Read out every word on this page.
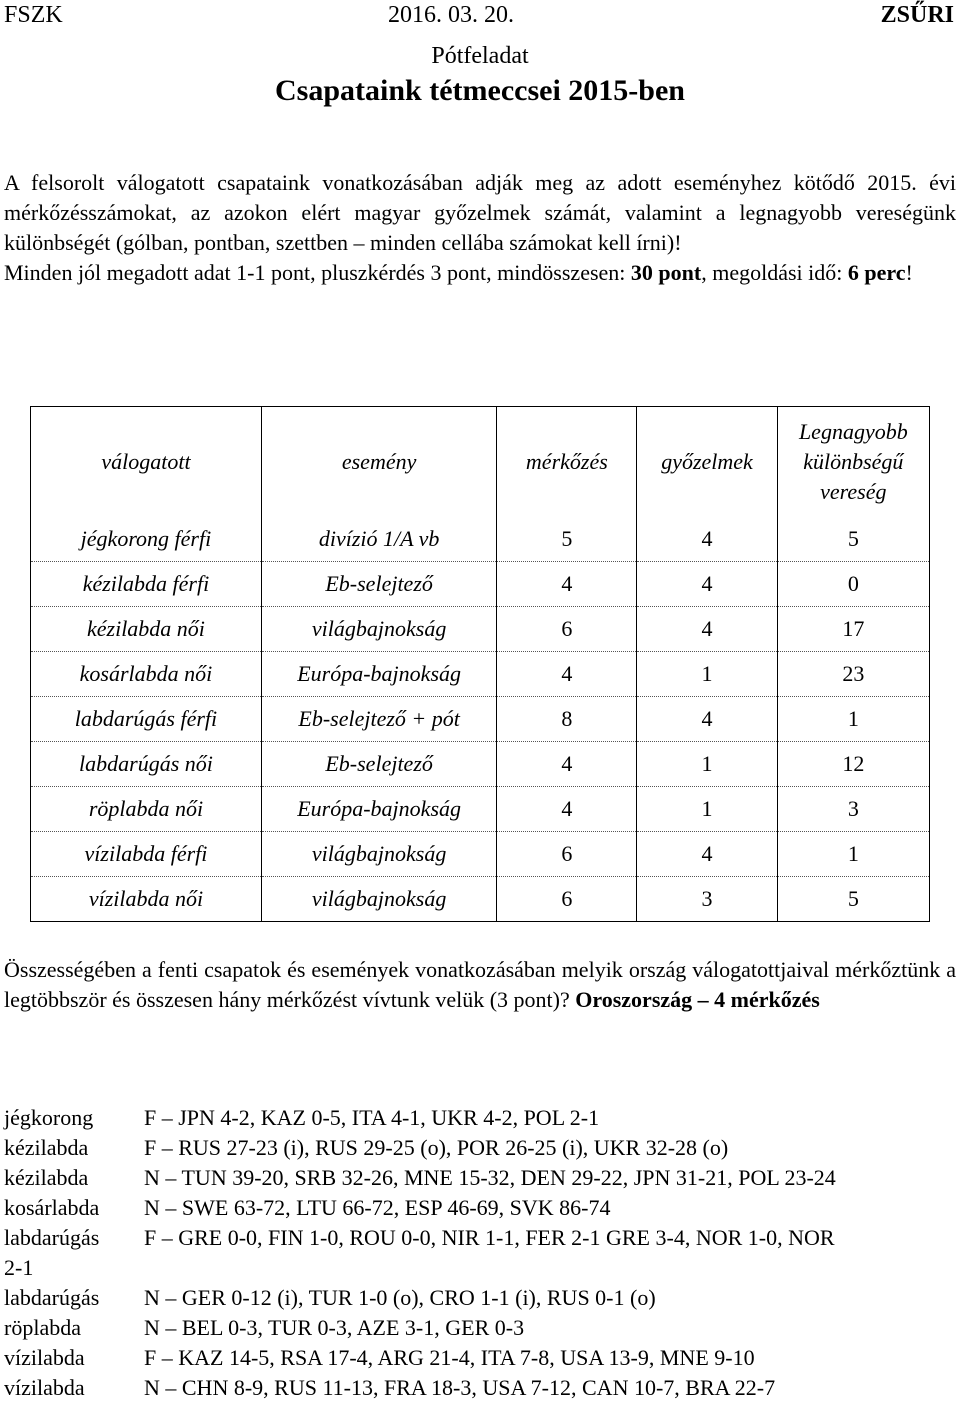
FSZK	2016. 03. 20.	ZSŰRI
Pótfeladat
Csapataink tétmeccsei 2015-ben

A felsorolt válogatott csapataink vonatkozásában adják meg az adott eseményhez kötődő 2015. évi mérkőzésszámokat, az azokon elért magyar győzelmek számát, valamint a legnagyobb vereségünk különbségét (gólban, pontban, szettben – minden cellába számokat kell írni)!

Minden jól megadott adat 1-1 pont, pluszkérdés 3 pont, mindösszesen: 30 pont, megoldási idő: 6 perc!

válogatott	esemény	mérkőzés	győzelmek	Legnagyobb különbségű vereség
jégkorong férfi	divízió 1/A vb	5	4	5
kézilabda férfi	Eb-selejtező	4	4	0
kézilabda női	világbajnokság	6	4	17
kosárlabda női	Európa-bajnokság	4	1	23
labdarúgás férfi	Eb-selejtező + pót	8	4	1
labdarúgás női	Eb-selejtező	4	1	12
röplabda női	Európa-bajnokság	4	1	3
vízilabda férfi	világbajnokság	6	4	1
vízilabda női	világbajnokság	6	3	5
Összességében a fenti csapatok és események vonatkozásában melyik ország válogatottjaival mérkőztünk a legtöbbször és összesen hány mérkőzést vívtunk velük (3 pont)? Oroszország – 4 mérkőzés
jégkorong	F – JPN 4-2, KAZ 0-5, ITA 4-1, UKR 4-2, POL 2-1
kézilabda	F – RUS 27-23 (i), RUS 29-25 (o), POR 26-25 (i), UKR 32-28 (o)
kézilabda	N – TUN 39-20, SRB 32-26, MNE 15-32, DEN 29-22, JPN 31-21, POL 23-24
kosárlabda	N – SWE 63-72, LTU 66-72, ESP 46-69, SVK 86-74
labdarúgás	F – GRE 0-0, FIN 1-0, ROU 0-0, NIR 1-1, FER 2-1 GRE 3-4, NOR 1-0, NOR
2-1
labdarúgás	N – GER 0-12 (i), TUR 1-0 (o), CRO 1-1 (i), RUS 0-1 (o)
röplabda	N – BEL 0-3, TUR 0-3, AZE 3-1, GER 0-3
vízilabda	F – KAZ 14-5, RSA 17-4, ARG 21-4, ITA 7-8, USA 13-9, MNE 9-10
vízilabda	N – CHN 8-9, RUS 11-13, FRA 18-3, USA 7-12, CAN 10-7, BRA 22-7
